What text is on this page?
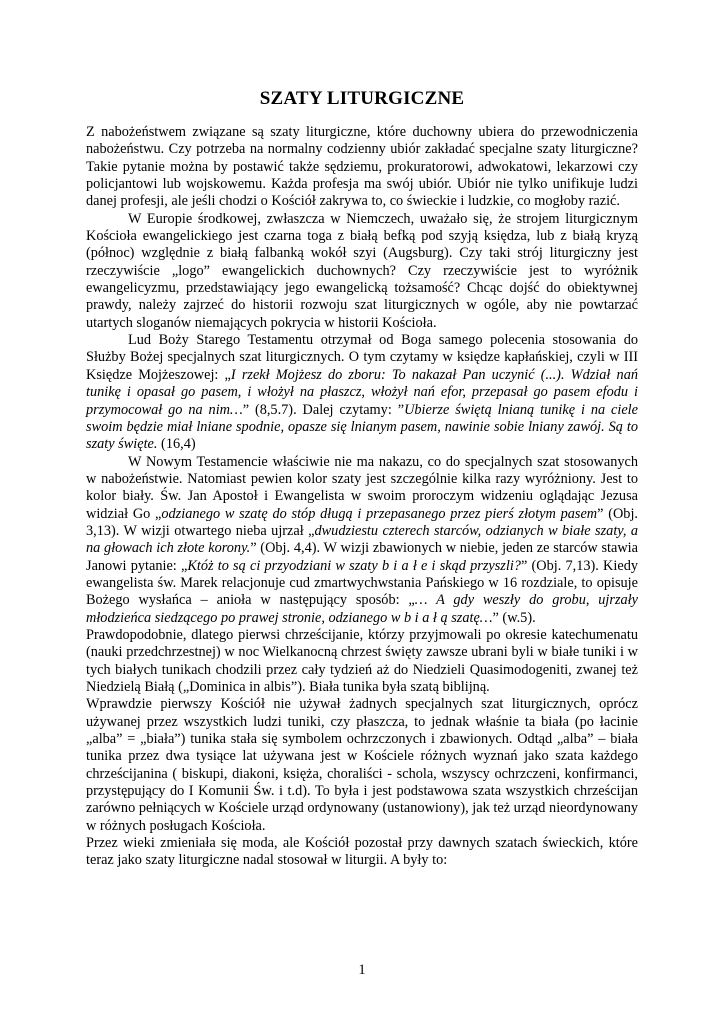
SZATY LITURGICZNE

Z nabożeństwem związane są szaty liturgiczne, które duchowny ubiera do przewodniczenia nabożeństwu. Czy potrzeba na normalny codzienny ubiór zakładać specjalne szaty liturgiczne? Takie pytanie można by postawić także sędziemu, prokuratorowi, adwokatowi, lekarzowi czy policjantowi lub wojskowemu. Każda profesja ma swój ubiór. Ubiór nie tylko unifikuje ludzi danej profesji, ale jeśli chodzi o Kościół zakrywa to, co świeckie i ludzkie, co mogłoby razić.

W Europie środkowej, zwłaszcza w Niemczech, uważało się, że strojem liturgicznym Kościoła ewangelickiego jest czarna toga z białą befką pod szyją księdza, lub z białą kryzą (północ) względnie z białą falbanką wokół szyi (Augsburg). Czy taki strój liturgiczny jest rzeczywiście „logo” ewangelickich duchownych? Czy rzeczywiście jest to wyróżnik ewangelicyzmu, przedstawiający jego ewangelicką tożsamość? Chcąc dojść do obiektywnej prawdy, należy zajrzeć do historii rozwoju szat liturgicznych w ogóle, aby nie powtarzać utartych sloganów niemających pokrycia w historii Kościoła.

Lud Boży Starego Testamentu otrzymał od Boga samego polecenia stosowania do Służby Bożej specjalnych szat liturgicznych. O tym czytamy w księdze kapłańskiej, czyli w III Księdze Mojżeszowej: „I rzekł Mojżesz do zboru: To nakazał Pan uczynić (...). Wdział nań tunikę i opasał go pasem, i włożył na płaszcz, włożył nań efor, przepasał go pasem efodu i przymocował go na nim…” (8,5.7). Dalej czytamy: ”Ubierze świętą lnianą tunikę i na ciele swoim będzie miał lniane spodnie, opasze się lnianym pasem, nawinie sobie lniany zawój. Są to szaty święte. (16,4)

W Nowym Testamencie właściwie nie ma nakazu, co do specjalnych szat stosowanych w nabożeństwie. Natomiast pewien kolor szaty jest szczególnie kilka razy wyróżniony. Jest to kolor biały. Św. Jan Apostoł i Ewangelista w swoim proroczym widzeniu oglądając Jezusa widział Go „odzianego w szatę do stóp długą i przepasanego przez pierś złotym pasem” (Obj. 3,13). W wizji otwartego nieba ujrzał „dwudziestu czterech starców, odzianych w białe szaty, a na głowach ich złote korony.” (Obj. 4,4). W wizji zbawionych w niebie, jeden ze starców stawia Janowi pytanie: „Któż to są ci przyodziani w szaty b i a ł e i skąd przyszli?” (Obj. 7,13). Kiedy ewangelista św. Marek relacjonuje cud zmartwychwstania Pańskiego w 16 rozdziale, to opisuje Bożego wysłańca – anioła w następujący sposób: „… A gdy weszły do grobu, ujrzały młodzieńca siedzącego po prawej stronie, odzianego w b i a ł ą szatę…” (w.5).

Prawdopodobnie, dlatego pierwsi chrześcijanie, którzy przyjmowali po okresie katechumenatu (nauki przedchrzestnej) w noc Wielkanocną chrzest święty zawsze ubrani byli w białe tuniki i w tych białych tunikach chodzili przez cały tydzień aż do Niedzieli Quasimodogeniti, zwanej też Niedzielą Białą („Dominica in albis”). Biała tunika była szatą biblijną.

Wprawdzie pierwszy Kościół nie używał żadnych specjalnych szat liturgicznych, oprócz używanej przez wszystkich ludzi tuniki, czy płaszcza, to jednak właśnie ta biała (po łacinie „alba” = „biała”) tunika stała się symbolem ochrzczonych i zbawionych. Odtąd „alba” – biała tunika przez dwa tysiące lat używana jest w Kościele różnych wyznań jako szata każdego chrześcijanina ( biskupi, diakoni, księża, choraliści - schola, wszyscy ochrzczeni, konfirmanci, przystępujący do I Komunii Św. i t.d). To była i jest podstawowa szata wszystkich chrześcijan zarówno pełniących w Kościele urząd ordynowany (ustanowiony), jak też urząd nieordynowany w różnych posługach Kościoła.

Przez wieki zmieniała się moda, ale Kościół pozostał przy dawnych szatach świeckich, które teraz jako szaty liturgiczne nadal stosował w liturgii. A były to:

1
